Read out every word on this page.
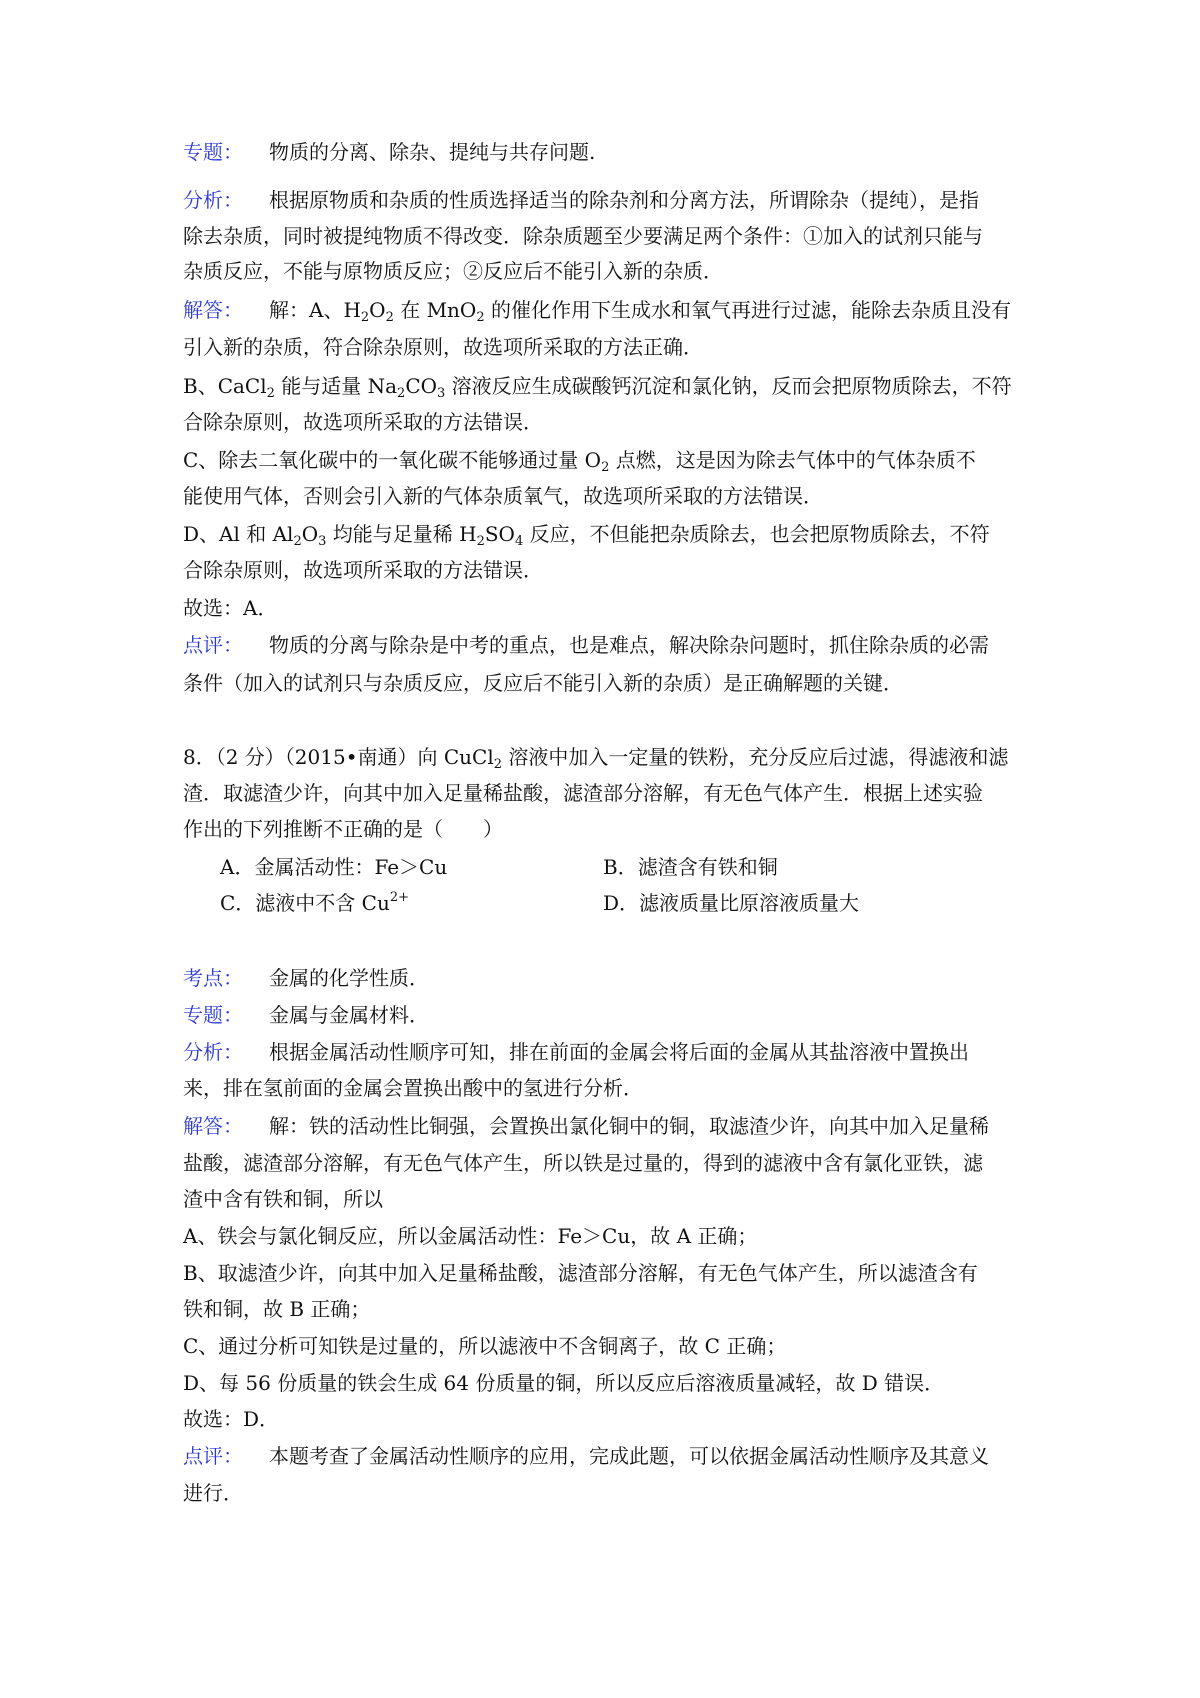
专题： 物质的分离、除杂、提纯与共存问题.
分析： 根据原物质和杂质的性质选择适当的除杂剂和分离方法，所谓除杂（提纯），是指
除去杂质，同时被提纯物质不得改变．除杂质题至少要满足两个条件：①加入的试剂只能与
杂质反应，不能与原物质反应；②反应后不能引入新的杂质．
解答： 解：A、$H_2O_2$ 在 MnO$_2$ 的催化作用下生成水和氧气再进行过滤，能除去杂质且没有
引入新的杂质，符合除杂原则，故选项所采取的方法正确．
B、CaCl$_2$ 能与适量 $Na_2CO_3$ 溶液反应生成碳酸钙沉淀和氯化钠，反而会把原物质除去，不符
合除杂原则，故选项所采取的方法错误．
C、除去二氧化碳中的一氧化碳不能够通过量 $O_2$ 点燃，这是因为除去气体中的气体杂质不
能使用气体，否则会引入新的气体杂质氧气，故选项所采取的方法错误．
D、Al 和 $Al_2O_3$ 均能与足量稀 $H_2SO_4$ 反应，不但能把杂质除去，也会把原物质除去，不符
合除杂原则，故选项所采取的方法错误．
故选：A．
点评： 物质的分离与除杂是中考的重点，也是难点，解决除杂问题时，抓住除杂质的必需
条件（加入的试剂只与杂质反应，反应后不能引入新的杂质）是正确解题的关键．
8．（2 分）（2015•南通）向 CuCl$_2$ 溶液中加入一定量的铁粉，充分反应后过滤，得滤液和滤
渣．取滤渣少许，向其中加入足量稀盐酸，滤渣部分溶解，有无色气体产生．根据上述实验
作出的下列推断不正确的是（　　）
A．金属活动性：Fe＞Cu	B．滤渣含有铁和铜
C．滤液中不含 $Cu^{2+}$	D．滤液质量比原溶液质量大
考点： 金属的化学性质．
专题： 金属与金属材料．
分析： 根据金属活动性顺序可知，排在前面的金属会将后面的金属从其盐溶液中置换出
来，排在氢前面的金属会置换出酸中的氢进行分析．
解答： 解：铁的活动性比铜强，会置换出氯化铜中的铜，取滤渣少许，向其中加入足量稀
盐酸，滤渣部分溶解，有无色气体产生，所以铁是过量的，得到的滤液中含有氯化亚铁，滤
渣中含有铁和铜，所以
A、铁会与氯化铜反应，所以金属活动性：Fe＞Cu，故 A 正确；
B、取滤渣少许，向其中加入足量稀盐酸，滤渣部分溶解，有无色气体产生，所以滤渣含有
铁和铜，故 B 正确；
C、通过分析可知铁是过量的，所以滤液中不含铜离子，故 C 正确；
D、每 56 份质量的铁会生成 64 份质量的铜，所以反应后溶液质量减轻，故 D 错误．
故选：D．
点评： 本题考查了金属活动性顺序的应用，完成此题，可以依据金属活动性顺序及其意义
进行．
